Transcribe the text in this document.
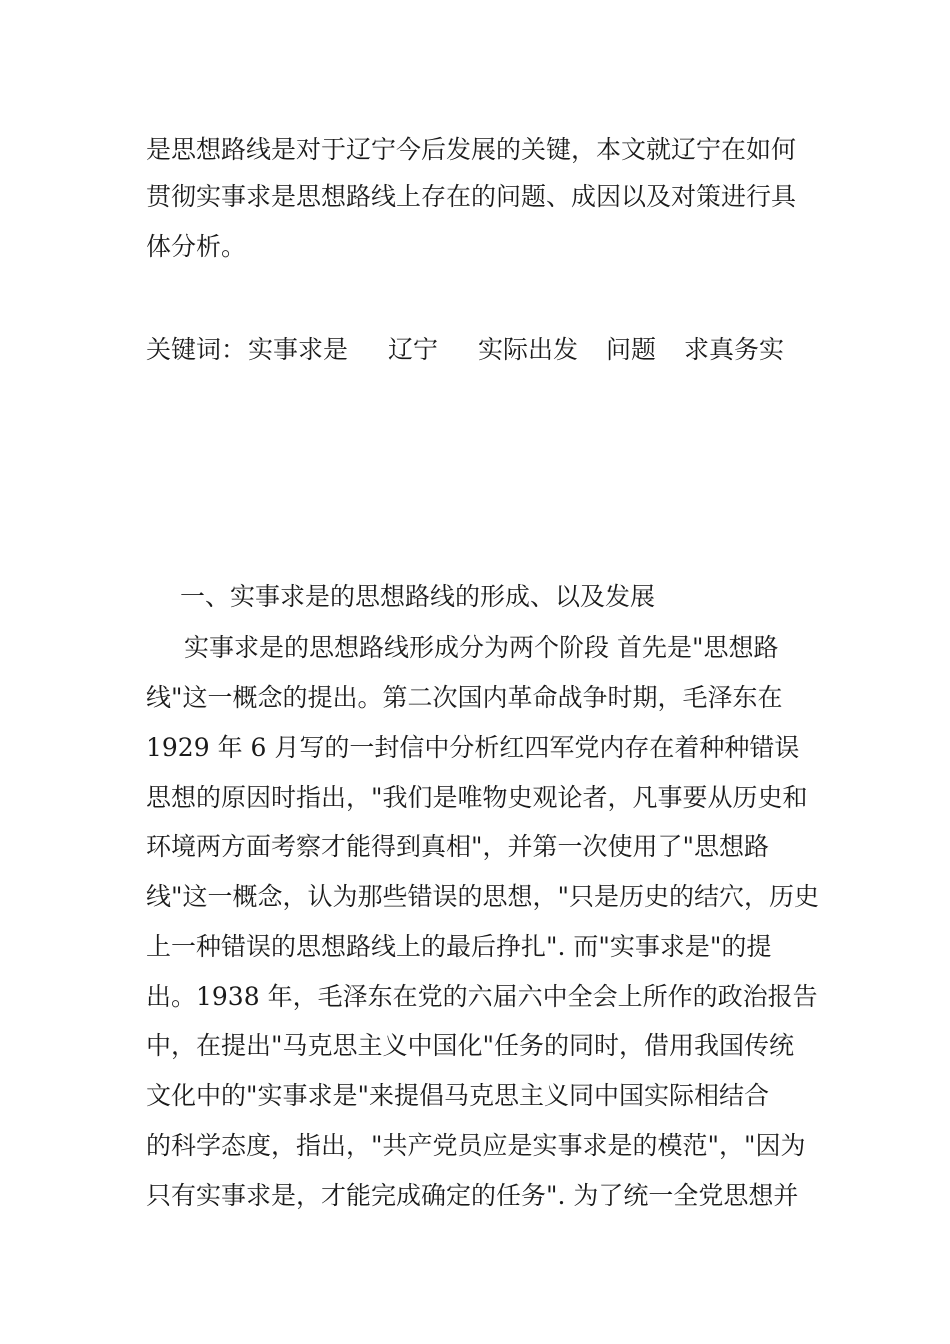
是思想路线是对于辽宁今后发展的关键，本文就辽宁在如何
贯彻实事求是思想路线上存在的问题、成因以及对策进行具
体分析。
关键词： 实事求是 辽宁 实际出发 问题 求真务实
一、实事求是的思想路线的形成、以及发展
实事求是的思想路线形成分为两个阶段 首先是"思想路
线"这一概念的提出。第二次国内革命战争时期，毛泽东在
1929 年 6 月写的一封信中分析红四军党内存在着种种错误
思想的原因时指出，"我们是唯物史观论者，凡事要从历史和
环境两方面考察才能得到真相"，并第一次使用了"思想路
线"这一概念，认为那些错误的思想，"只是历史的结穴，历史
上一种错误的思想路线上的最后挣扎". 而"实事求是"的提
出。1938 年，毛泽东在党的六届六中全会上所作的政治报告
中，在提出"马克思主义中国化"任务的同时，借用我国传统
文化中的"实事求是"来提倡马克思主义同中国实际相结合
的科学态度，指出，"共产党员应是实事求是的模范"，"因为
只有实事求是，才能完成确定的任务". 为了统一全党思想并
